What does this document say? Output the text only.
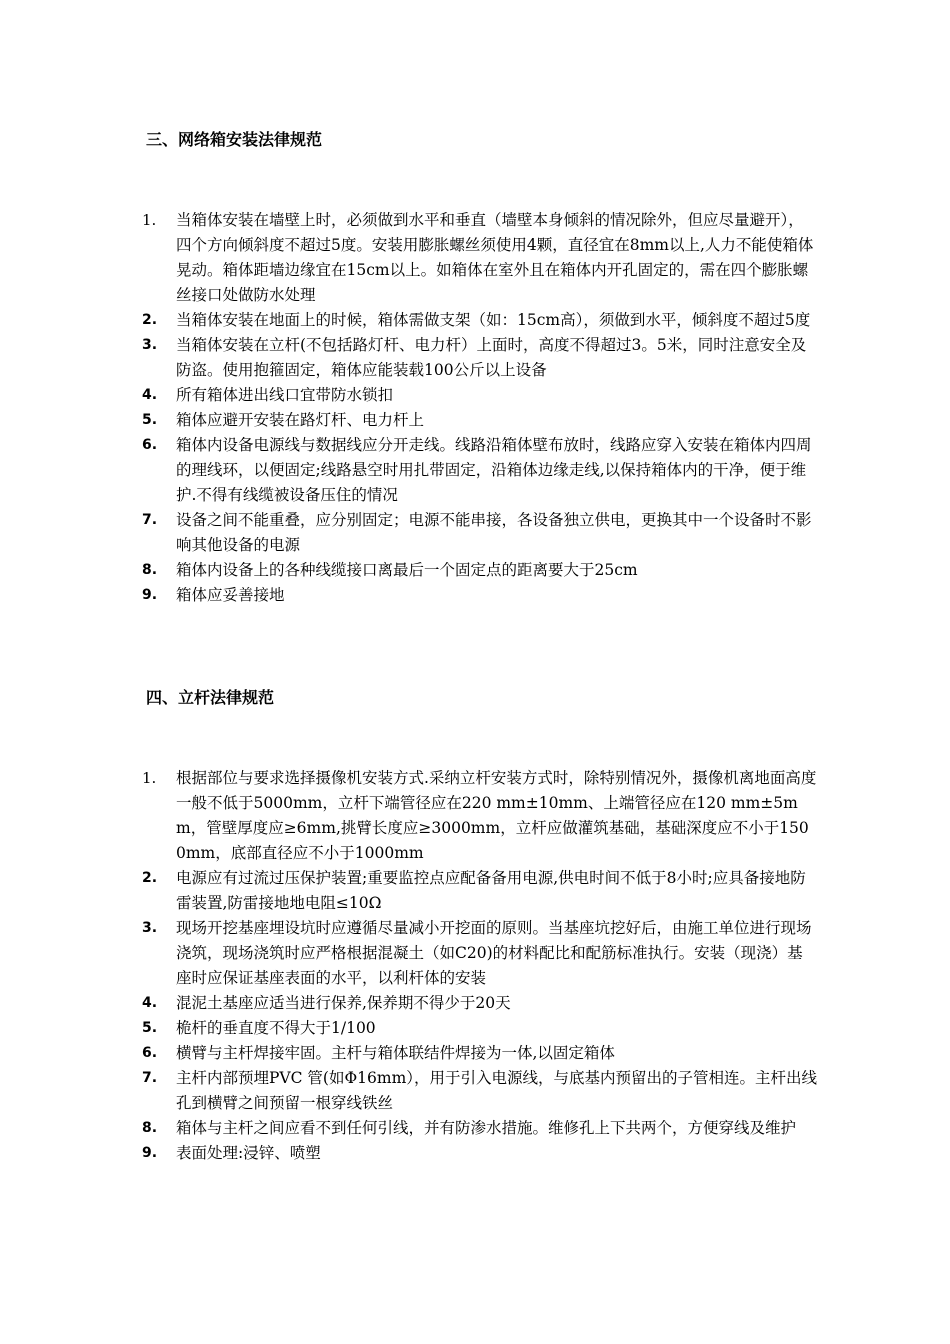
三、网络箱安装法律规范
1.	当箱体安装在墙壁上时，必须做到水平和垂直（墙壁本身倾斜的情况除外，但应尽量避开），四个方向倾斜度不超过5度。安装用膨胀螺丝须使用4颗，直径宜在8mm以上,人力不能使箱体晃动。箱体距墙边缘宜在15cm以上。如箱体在室外且在箱体内开孔固定的，需在四个膨胀螺丝接口处做防水处理
2.	当箱体安装在地面上的时候，箱体需做支架（如：15cm高），须做到水平，倾斜度不超过5度
3.	当箱体安装在立杆(不包括路灯杆、电力杆）上面时，高度不得超过3。5米，同时注意安全及防盗。使用抱箍固定，箱体应能装载100公斤以上设备
4.	所有箱体进出线口宜带防水锁扣
5.	箱体应避开安装在路灯杆、电力杆上
6.	箱体内设备电源线与数据线应分开走线。线路沿箱体壁布放时，线路应穿入安装在箱体内四周的理线环，以便固定;线路悬空时用扎带固定，沿箱体边缘走线,以保持箱体内的干净，便于维护.不得有线缆被设备压住的情况
7.	设备之间不能重叠，应分别固定；电源不能串接，各设备独立供电，更换其中一个设备时不影响其他设备的电源
8.	箱体内设备上的各种线缆接口离最后一个固定点的距离要大于25cm
9.	箱体应妥善接地
四、立杆法律规范
1.	根据部位与要求选择摄像机安装方式.采纳立杆安装方式时，除特别情况外，摄像机离地面高度一般不低于5000mm，立杆下端管径应在220 mm±10mm、上端管径应在120 mm±5mm，管壁厚度应≥6mm,挑臂长度应≥3000mm，立杆应做灌筑基础，基础深度应不小于1500mm，底部直径应不小于1000mm
2.	电源应有过流过压保护装置;重要监控点应配备备用电源,供电时间不低于8小时;应具备接地防雷装置,防雷接地地电阻≤10Ω
3.	现场开挖基座埋设坑时应遵循尽量减小开挖面的原则。当基座坑挖好后，由施工单位进行现场浇筑，现场浇筑时应严格根据混凝土（如C20)的材料配比和配筋标准执行。安装（现浇）基座时应保证基座表面的水平，以利杆体的安装
4.	混泥土基座应适当进行保养,保养期不得少于20天
5.	桅杆的垂直度不得大于1/100
6.	横臂与主杆焊接牢固。主杆与箱体联结件焊接为一体,以固定箱体
7.	主杆内部预埋PVC 管(如Φ16mm），用于引入电源线，与底基内预留出的子管相连。主杆出线孔到横臂之间预留一根穿线铁丝
8.	箱体与主杆之间应看不到任何引线，并有防渗水措施。维修孔上下共两个，方便穿线及维护
9.	表面处理:浸锌、喷塑
